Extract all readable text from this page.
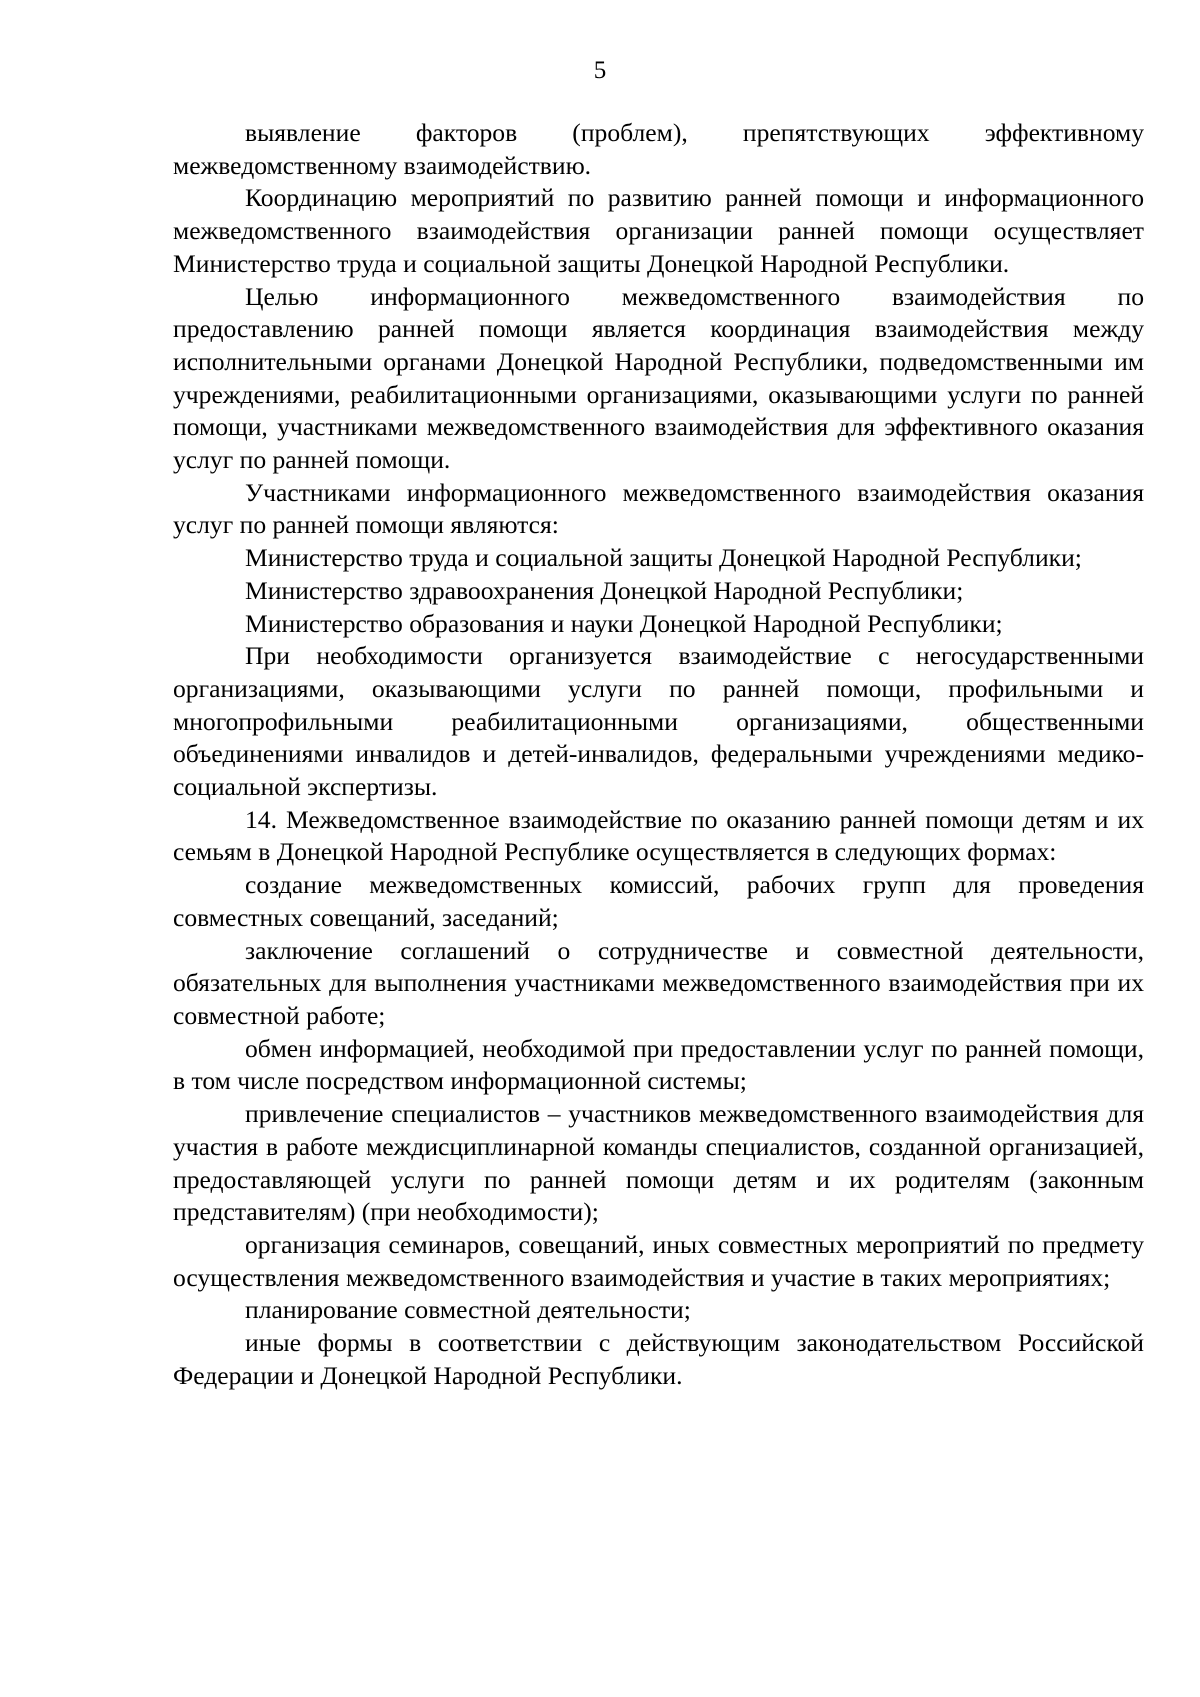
5

выявление факторов (проблем), препятствующих эффективному межведомственному взаимодействию.

Координацию мероприятий по развитию ранней помощи и информационного межведомственного взаимодействия организации ранней помощи осуществляет Министерство труда и социальной защиты Донецкой Народной Республики.

Целью информационного межведомственного взаимодействия по предоставлению ранней помощи является координация взаимодействия между исполнительными органами Донецкой Народной Республики, подведомственными им учреждениями, реабилитационными организациями, оказывающими услуги по ранней помощи, участниками межведомственного взаимодействия для эффективного оказания услуг по ранней помощи.

Участниками информационного межведомственного взаимодействия оказания услуг по ранней помощи являются:

Министерство труда и социальной защиты Донецкой Народной Республики;

Министерство здравоохранения Донецкой Народной Республики;

Министерство образования и науки Донецкой Народной Республики;

При необходимости организуется взаимодействие с негосударственными организациями, оказывающими услуги по ранней помощи, профильными и многопрофильными реабилитационными организациями, общественными объединениями инвалидов и детей-инвалидов, федеральными учреждениями медико-социальной экспертизы.

14. Межведомственное взаимодействие по оказанию ранней помощи детям и их семьям в Донецкой Народной Республике осуществляется в следующих формах:

создание межведомственных комиссий, рабочих групп для проведения совместных совещаний, заседаний;

заключение соглашений о сотрудничестве и совместной деятельности, обязательных для выполнения участниками межведомственного взаимодействия при их совместной работе;

обмен информацией, необходимой при предоставлении услуг по ранней помощи, в том числе посредством информационной системы;

привлечение специалистов – участников межведомственного взаимодействия для участия в работе междисциплинарной команды специалистов, созданной организацией, предоставляющей услуги по ранней помощи детям и их родителям (законным представителям) (при необходимости);

организация семинаров, совещаний, иных совместных мероприятий по предмету осуществления межведомственного взаимодействия и участие в таких мероприятиях;

планирование совместной деятельности;

иные формы в соответствии с действующим законодательством Российской Федерации и Донецкой Народной Республики.
